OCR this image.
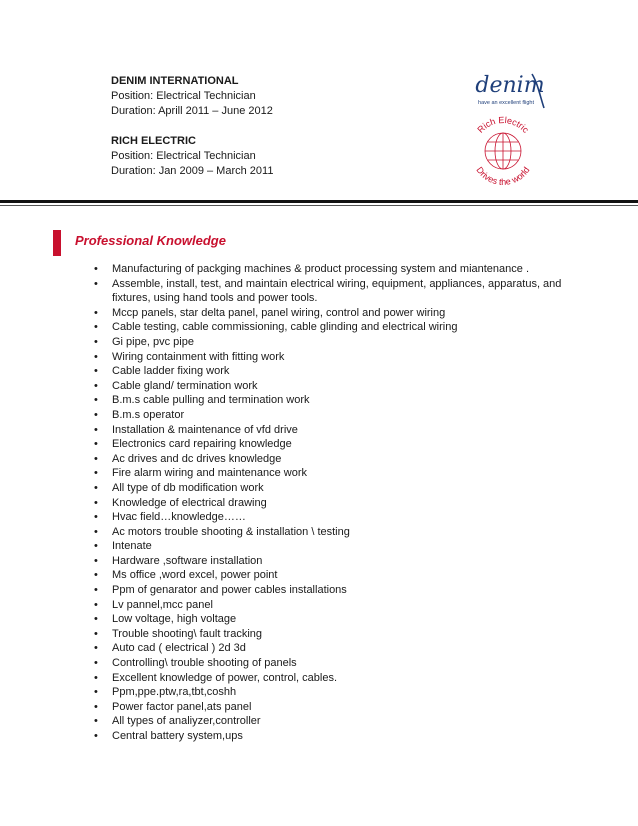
DENIM INTERNATIONAL
Position: Electrical Technician
Duration: Aprill 2011 – June 2012
RICH ELECTRIC
Position: Electrical Technician
Duration: Jan 2009 – March 2011
denim
have an excellent flight
Rich Electric
Drives the world
Professional Knowledge
•	Manufacturing of packging machines & product processing system and miantenance .
•	Assemble, install, test, and maintain electrical wiring, equipment, appliances, apparatus, and fixtures, using hand tools and power tools.
•	Mccp panels, star delta panel, panel wiring, control and power wiring
•	Cable testing, cable commissioning, cable glinding and electrical wiring
•	Gi pipe, pvc pipe
•	Wiring containment with fitting work
•	Cable ladder fixing work
•	Cable gland/ termination work
•	B.m.s cable pulling and termination work
•	B.m.s operator
•	Installation & maintenance of vfd drive
•	Electronics card repairing knowledge
•	Ac drives and dc drives knowledge
•	Fire alarm wiring and maintenance work
•	All type of db modification work
•	Knowledge of electrical drawing
•	Hvac field…knowledge……
•	Ac motors trouble shooting & installation \ testing
•	Intenate
•	Hardware ,software installation
•	Ms office ,word excel, power point
•	Ppm of genarator and power cables installations
•	Lv pannel,mcc panel
•	Low voltage, high voltage
•	Trouble shooting\ fault tracking
•	Auto cad ( electrical ) 2d 3d
•	Controlling\ trouble shooting of panels
•	Excellent knowledge of power, control, cables.
•	Ppm,ppe.ptw,ra,tbt,coshh
•	Power factor panel,ats panel
•	All types of analiyzer,controller
•	Central battery system,ups
